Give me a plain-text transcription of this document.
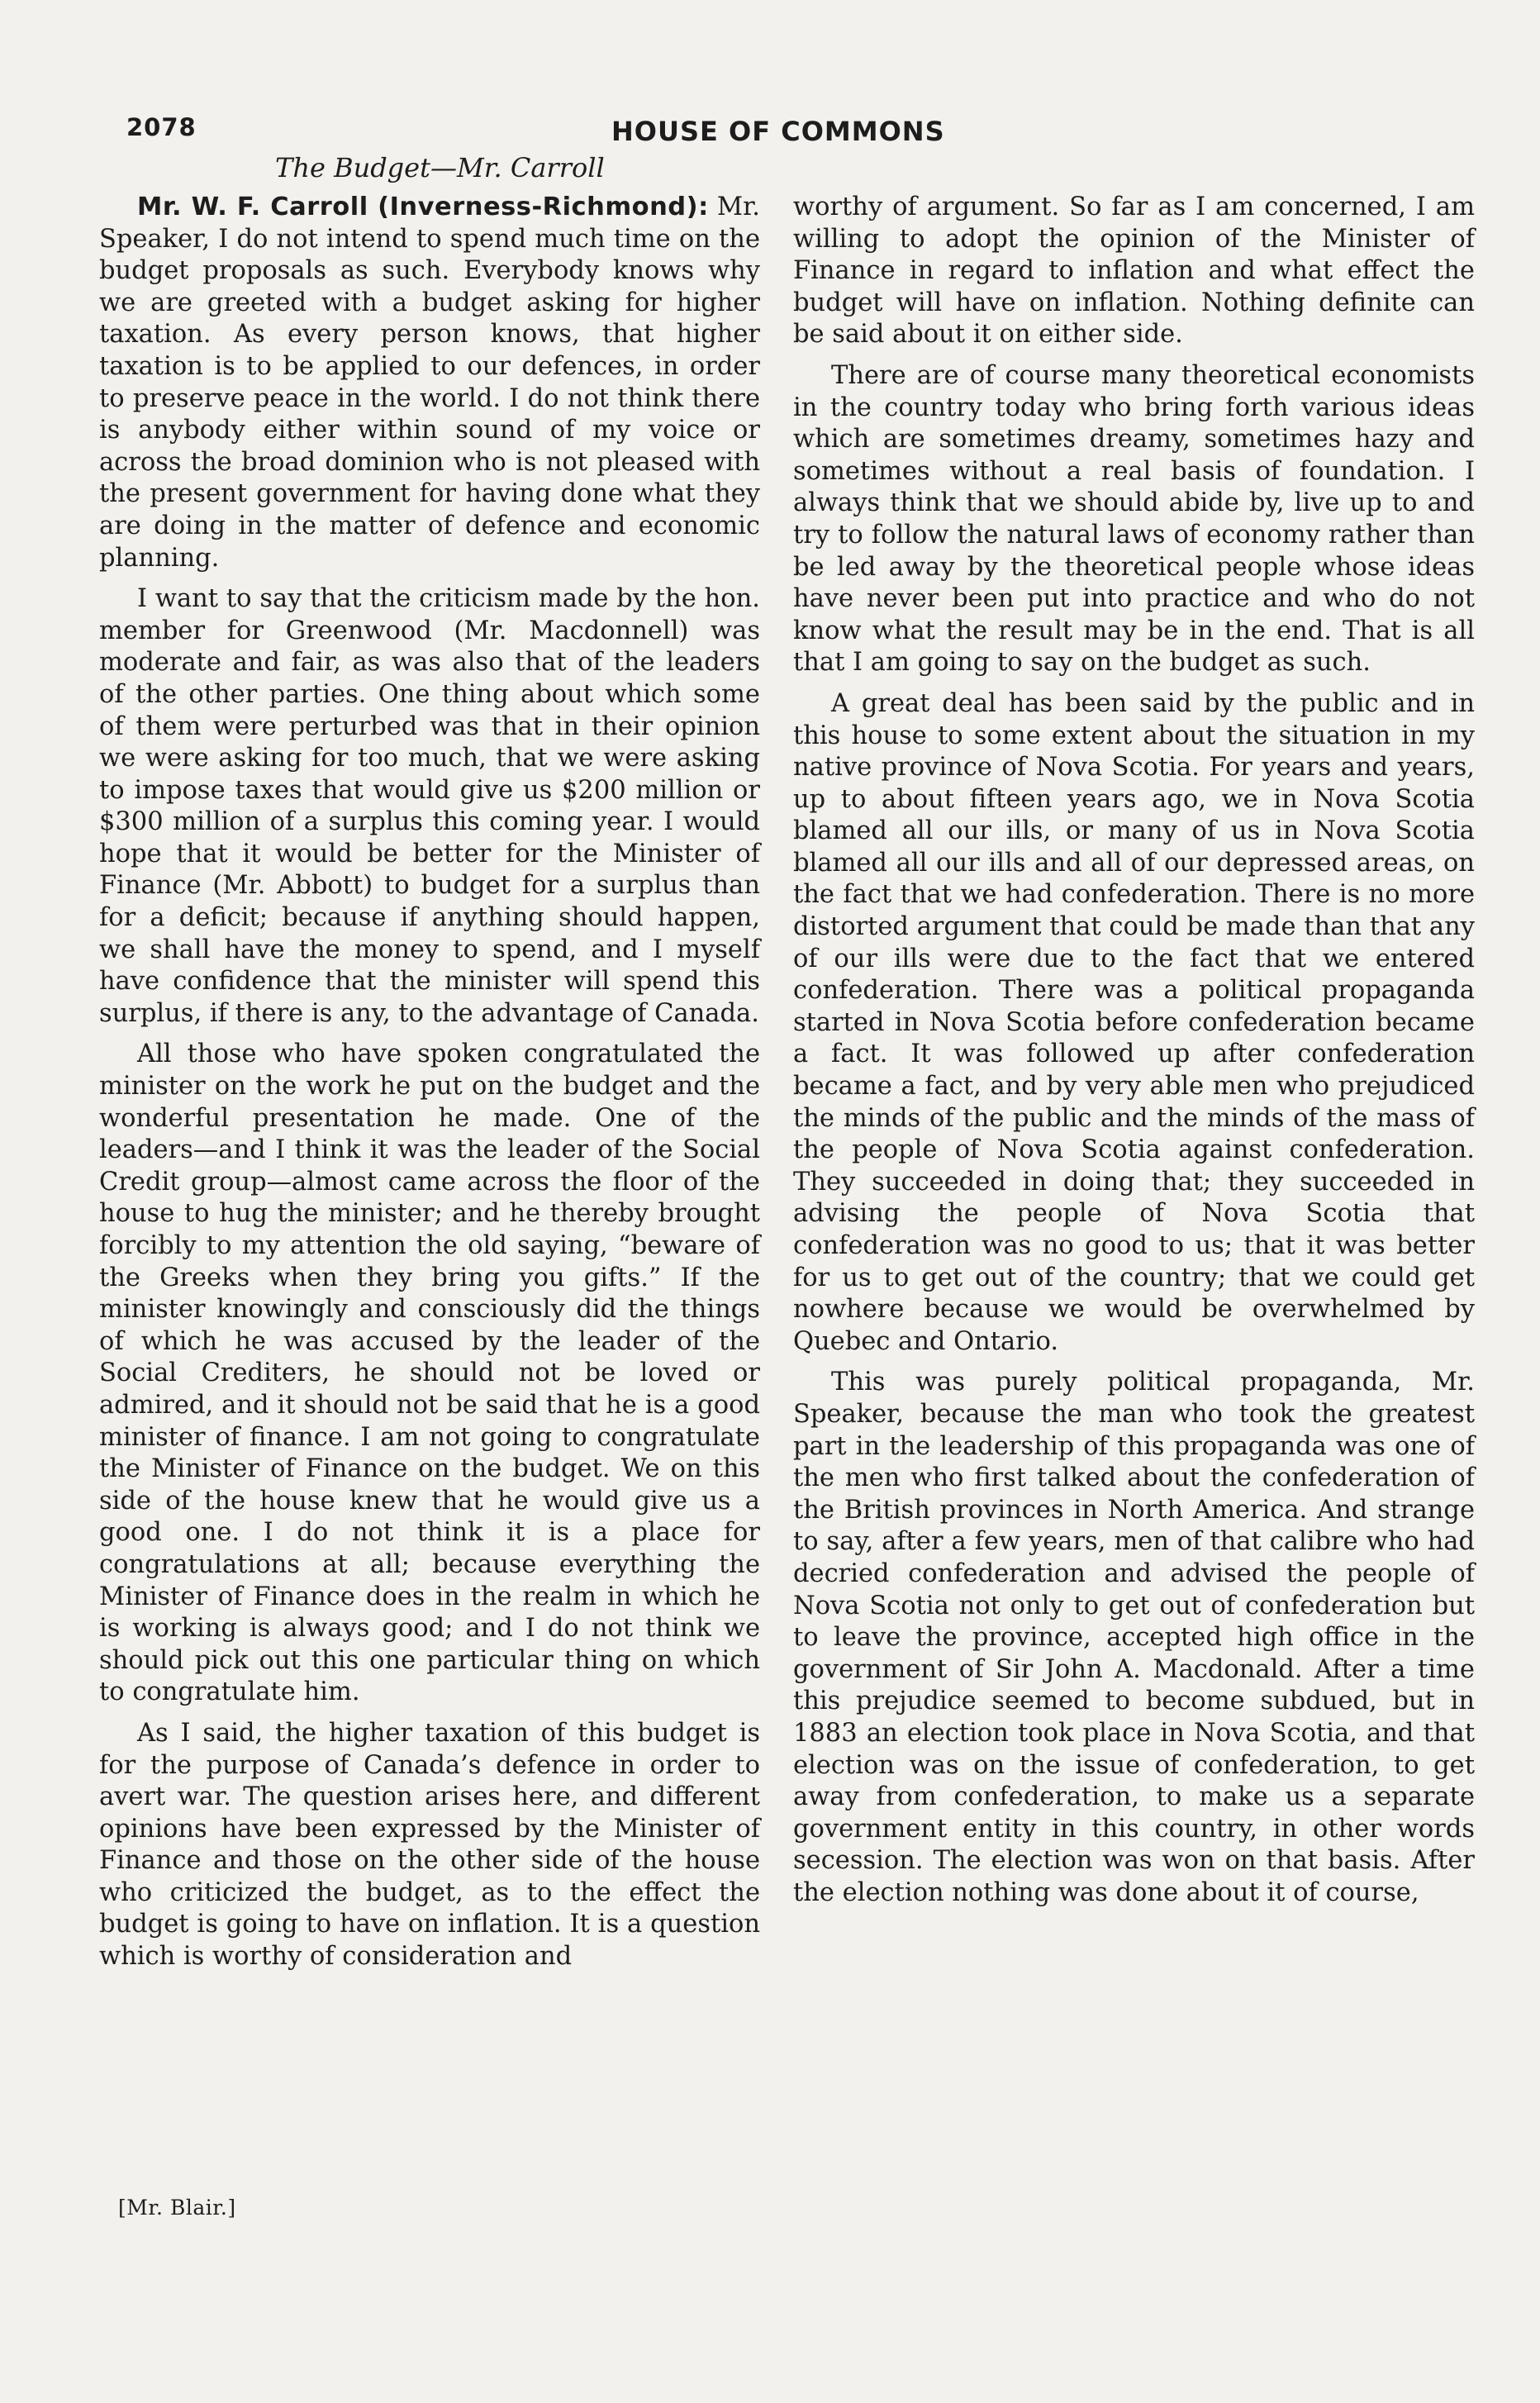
2078	HOUSE OF COMMONS
The Budget—Mr. Carroll

Mr. W. F. Carroll (Inverness-Richmond): Mr. Speaker, I do not intend to spend much time on the budget proposals as such. Everybody knows why we are greeted with a budget asking for higher taxation. As every person knows, that higher taxation is to be applied to our defences, in order to preserve peace in the world. I do not think there is anybody either within sound of my voice or across the broad dominion who is not pleased with the present government for having done what they are doing in the matter of defence and economic planning.

I want to say that the criticism made by the hon. member for Greenwood (Mr. Macdonnell) was moderate and fair, as was also that of the leaders of the other parties. One thing about which some of them were perturbed was that in their opinion we were asking for too much, that we were asking to impose taxes that would give us $200 million or $300 million of a surplus this coming year. I would hope that it would be better for the Minister of Finance (Mr. Abbott) to budget for a surplus than for a deficit; because if anything should happen, we shall have the money to spend, and I myself have confidence that the minister will spend this surplus, if there is any, to the advantage of Canada.

All those who have spoken congratulated the minister on the work he put on the budget and the wonderful presentation he made. One of the leaders—and I think it was the leader of the Social Credit group—almost came across the floor of the house to hug the minister; and he thereby brought forcibly to my attention the old saying, “beware of the Greeks when they bring you gifts.” If the minister knowingly and consciously did the things of which he was accused by the leader of the Social Crediters, he should not be loved or admired, and it should not be said that he is a good minister of finance. I am not going to congratulate the Minister of Finance on the budget. We on this side of the house knew that he would give us a good one. I do not think it is a place for congratulations at all; because everything the Minister of Finance does in the realm in which he is working is always good; and I do not think we should pick out this one particular thing on which to congratulate him.

As I said, the higher taxation of this budget is for the purpose of Canada’s defence in order to avert war. The question arises here, and different opinions have been expressed by the Minister of Finance and those on the other side of the house who criticized the budget, as to the effect the budget is going to have on inflation. It is a question which is worthy of consideration and

worthy of argument. So far as I am concerned, I am willing to adopt the opinion of the Minister of Finance in regard to inflation and what effect the budget will have on inflation. Nothing definite can be said about it on either side.

There are of course many theoretical economists in the country today who bring forth various ideas which are sometimes dreamy, sometimes hazy and sometimes without a real basis of foundation. I always think that we should abide by, live up to and try to follow the natural laws of economy rather than be led away by the theoretical people whose ideas have never been put into practice and who do not know what the result may be in the end. That is all that I am going to say on the budget as such.

A great deal has been said by the public and in this house to some extent about the situation in my native province of Nova Scotia. For years and years, up to about fifteen years ago, we in Nova Scotia blamed all our ills, or many of us in Nova Scotia blamed all our ills and all of our depressed areas, on the fact that we had confederation. There is no more distorted argument that could be made than that any of our ills were due to the fact that we entered confederation. There was a political propaganda started in Nova Scotia before confederation became a fact. It was followed up after confederation became a fact, and by very able men who prejudiced the minds of the public and the minds of the mass of the people of Nova Scotia against confederation. They succeeded in doing that; they succeeded in advising the people of Nova Scotia that confederation was no good to us; that it was better for us to get out of the country; that we could get nowhere because we would be overwhelmed by Quebec and Ontario.

This was purely political propaganda, Mr. Speaker, because the man who took the greatest part in the leadership of this propaganda was one of the men who first talked about the confederation of the British provinces in North America. And strange to say, after a few years, men of that calibre who had decried confederation and advised the people of Nova Scotia not only to get out of confederation but to leave the province, accepted high office in the government of Sir John A. Macdonald. After a time this prejudice seemed to become subdued, but in 1883 an election took place in Nova Scotia, and that election was on the issue of confederation, to get away from confederation, to make us a separate government entity in this country, in other words secession. The election was won on that basis. After the election nothing was done about it of course,

[Mr. Blair.]
